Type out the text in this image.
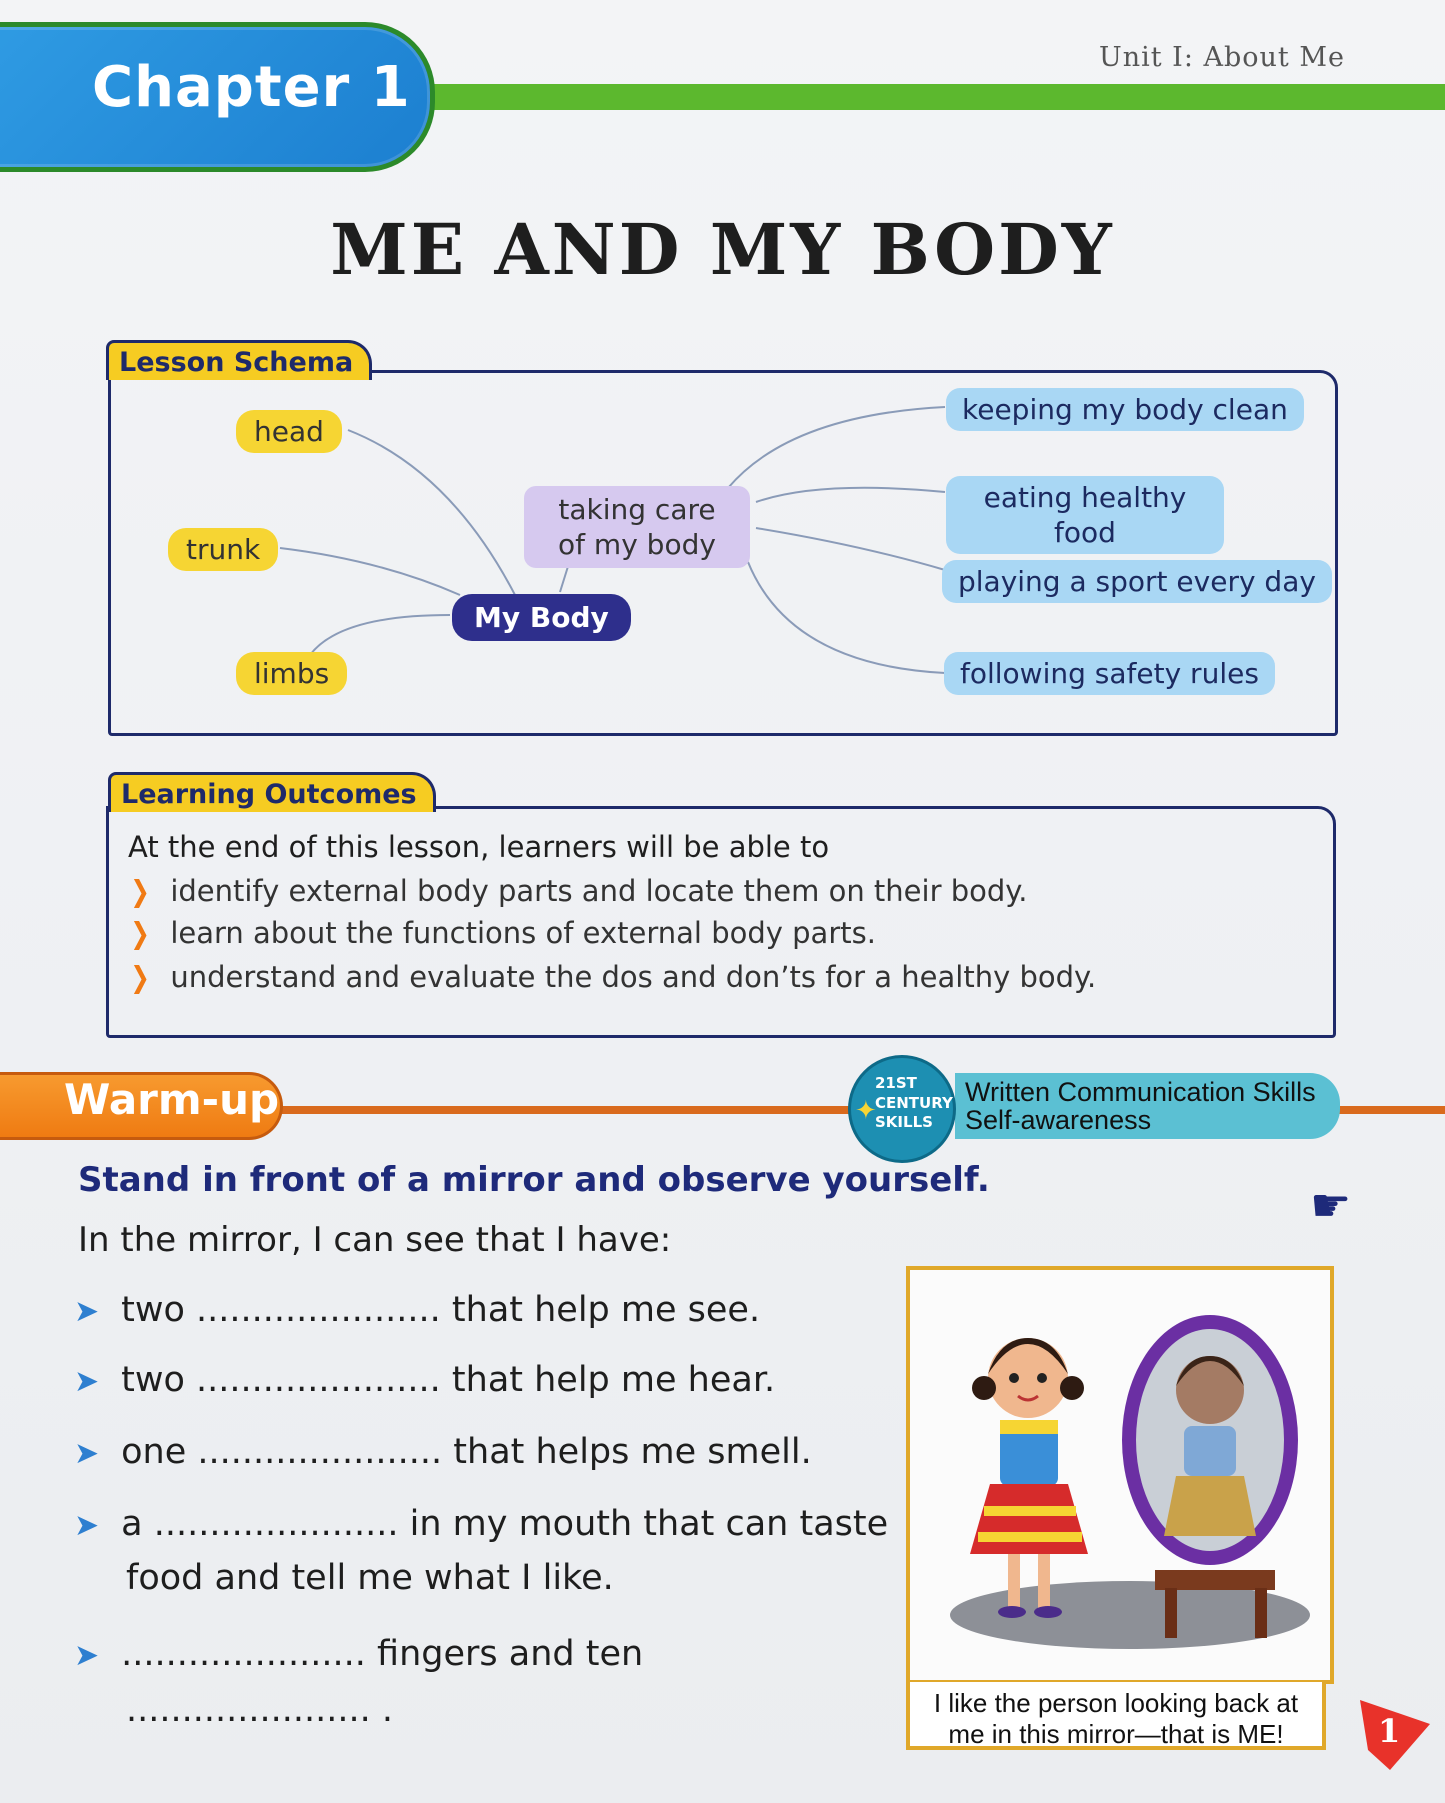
Chapter 1	Unit I: About Me
ME AND MY BODY
Lesson Schema
head
trunk
limbs
My Body
taking care of my body
keeping my body clean
eating healthy food
playing a sport every day
following safety rules
Learning Outcomes
At the end of this lesson, learners will be able to
❯ identify external body parts and locate them on their body.
❯ learn about the functions of external body parts.
❯ understand and evaluate the dos and don’ts for a healthy body.
Warm-up	Written Communication Skills
Self-awareness
✦
21ST
CENTURY
SKILLS
Stand in front of a mirror and observe yourself.	☛
In the mirror, I can see that I have:
➤ two ...................... that help me see.
➤ two ...................... that help me hear.
➤ one ...................... that helps me smell.
➤ a ...................... in my mouth that can taste
food and tell me what I like.
➤ ...................... fingers and ten
...................... .	I like the person looking back at
me in this mirror—that is ME!	1
